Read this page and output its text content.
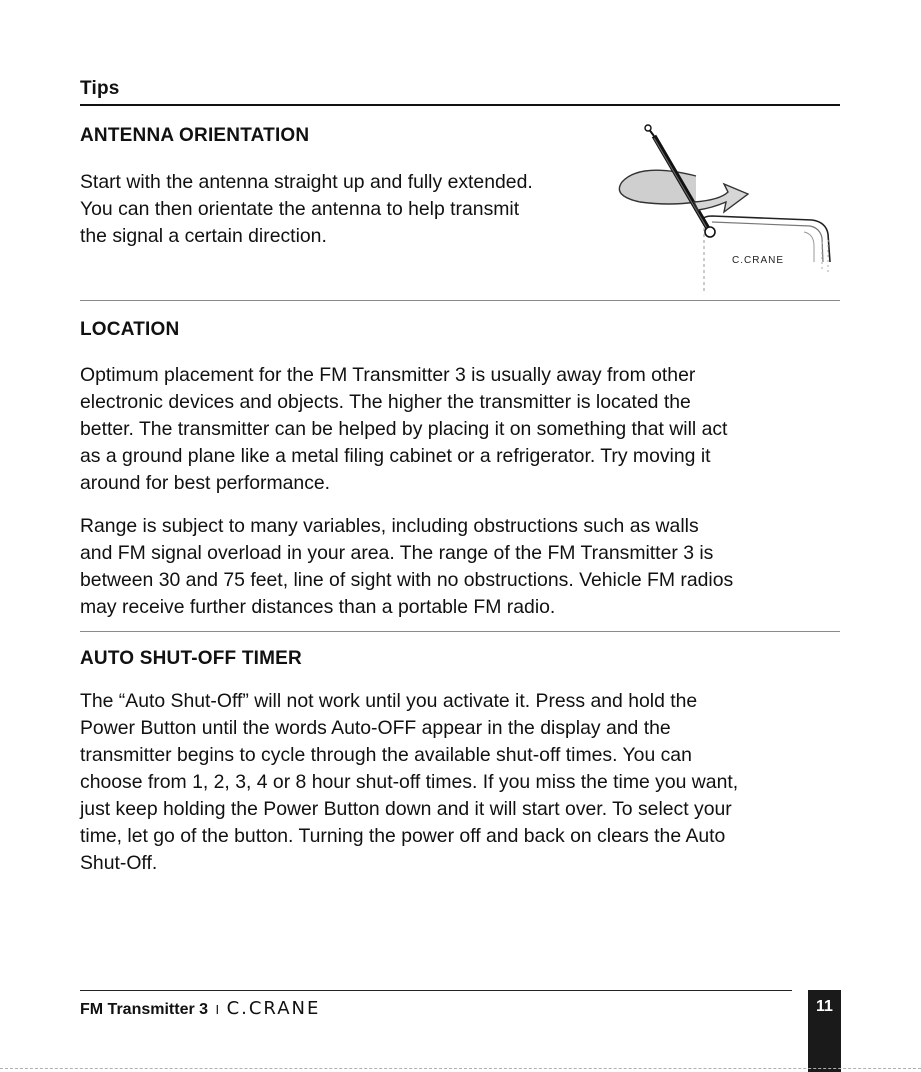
Tips
ANTENNA ORIENTATION
Start with the antenna straight up and fully extended.
You can then orientate the antenna to help transmit
the signal a certain direction.
C.CRANE
LOCATION
Optimum placement for the FM Transmitter 3 is usually away from other
electronic devices and objects. The higher the transmitter is located the
better. The transmitter can be helped by placing it on something that will act
as a ground plane like a metal filing cabinet or a refrigerator. Try moving it
around for best performance.
Range is subject to many variables, including obstructions such as walls
and FM signal overload in your area. The range of the FM Transmitter 3 is
between 30 and 75 feet, line of sight with no obstructions. Vehicle FM radios
may receive further distances than a portable FM radio.
AUTO SHUT-OFF TIMER
The “Auto Shut-Off” will not work until you activate it. Press and hold the
Power Button until the words Auto-OFF appear in the display and the
transmitter begins to cycle through the available shut-off times. You can
choose from 1, 2, 3, 4 or 8 hour shut-off times. If you miss the time you want,
just keep holding the Power Button down and it will start over. To select your
time, let go of the button. Turning the power off and back on clears the Auto
Shut-Off.
FM Transmitter 3 I C.CRANE	11
